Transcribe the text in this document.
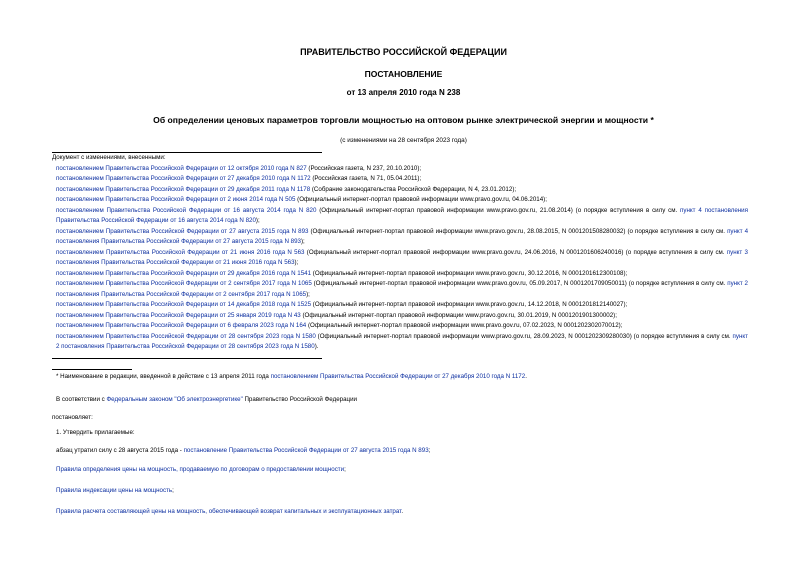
ПРАВИТЕЛЬСТВО РОССИЙСКОЙ ФЕДЕРАЦИИ
ПОСТАНОВЛЕНИЕ
от 13 апреля 2010 года N 238
Об определении ценовых параметров торговли мощностью на оптовом рынке электрической энергии и мощности *
(с изменениями на 28 сентября 2023 года)

Документ с изменениями, внесенными:

постановлением Правительства Российской Федерации от 12 октября 2010 года N 827 (Российская газета, N 237, 20.10.2010);

постановлением Правительства Российской Федерации от 27 декабря 2010 года N 1172 (Российская газета, N 71, 05.04.2011);

постановлением Правительства Российской Федерации от 29 декабря 2011 года N 1178 (Собрание законодательства Российской Федерации, N 4, 23.01.2012);

постановлением Правительства Российской Федерации от 2 июня 2014 года N 505 (Официальный интернет-портал правовой информации www.pravo.gov.ru, 04.06.2014);

постановлением Правительства Российской Федерации от 16 августа 2014 года N 820 (Официальный интернет-портал правовой информации www.pravo.gov.ru, 21.08.2014) (о порядке вступления в силу см. пункт 4 постановления Правительства Российской Федерации от 16 августа 2014 года N 820);

постановлением Правительства Российской Федерации от 27 августа 2015 года N 893 (Официальный интернет-портал правовой информации www.pravo.gov.ru, 28.08.2015, N 0001201508280032) (о порядке вступления в силу см. пункт 4 постановления Правительства Российской Федерации от 27 августа 2015 года N 893);

постановлением Правительства Российской Федерации от 21 июня 2016 года N 563 (Официальный интернет-портал правовой информации www.pravo.gov.ru, 24.06.2016, N 0001201606240016) (о порядке вступления в силу см. пункт 3 постановления Правительства Российской Федерации от 21 июня 2016 года N 563);

постановлением Правительства Российской Федерации от 29 декабря 2016 года N 1541 (Официальный интернет-портал правовой информации www.pravo.gov.ru, 30.12.2016, N 0001201612300108);

постановлением Правительства Российской Федерации от 2 сентября 2017 года N 1065 (Официальный интернет-портал правовой информации www.pravo.gov.ru, 05.09.2017, N 0001201709050011) (о порядке вступления в силу см. пункт 2 постановления Правительства Российской Федерации от 2 сентября 2017 года N 1065);

постановлением Правительства Российской Федерации от 14 декабря 2018 года N 1525 (Официальный интернет-портал правовой информации www.pravo.gov.ru, 14.12.2018, N 0001201812140027);

постановлением Правительства Российской Федерации от 25 января 2019 года N 43 (Официальный интернет-портал правовой информации www.pravo.gov.ru, 30.01.2019, N 0001201901300002);

постановлением Правительства Российской Федерации от 6 февраля 2023 года N 164 (Официальный интернет-портал правовой информации www.pravo.gov.ru, 07.02.2023, N 0001202302070012);

постановлением Правительства Российской Федерации от 28 сентября 2023 года N 1580 (Официальный интернет-портал правовой информации www.pravo.gov.ru, 28.09.2023, N 0001202309280030) (о порядке вступления в силу см. пункт 2 постановления Правительства Российской Федерации от 28 сентября 2023 года N 1580).

* Наименование в редакции, введенной в действие с 13 апреля 2011 года постановлением Правительства Российской Федерации от 27 декабря 2010 года N 1172.
В соответствии с Федеральным законом "Об электроэнергетике" Правительство Российской Федерации
постановляет:
1. Утвердить прилагаемые:
абзац утратил силу с 28 августа 2015 года - постановление Правительства Российской Федерации от 27 августа 2015 года N 893;
Правила определения цены на мощность, продаваемую по договорам о предоставлении мощности;
Правила индексации цены на мощность;
Правила расчета составляющей цены на мощность, обеспечивающей возврат капитальных и эксплуатационных затрат.
